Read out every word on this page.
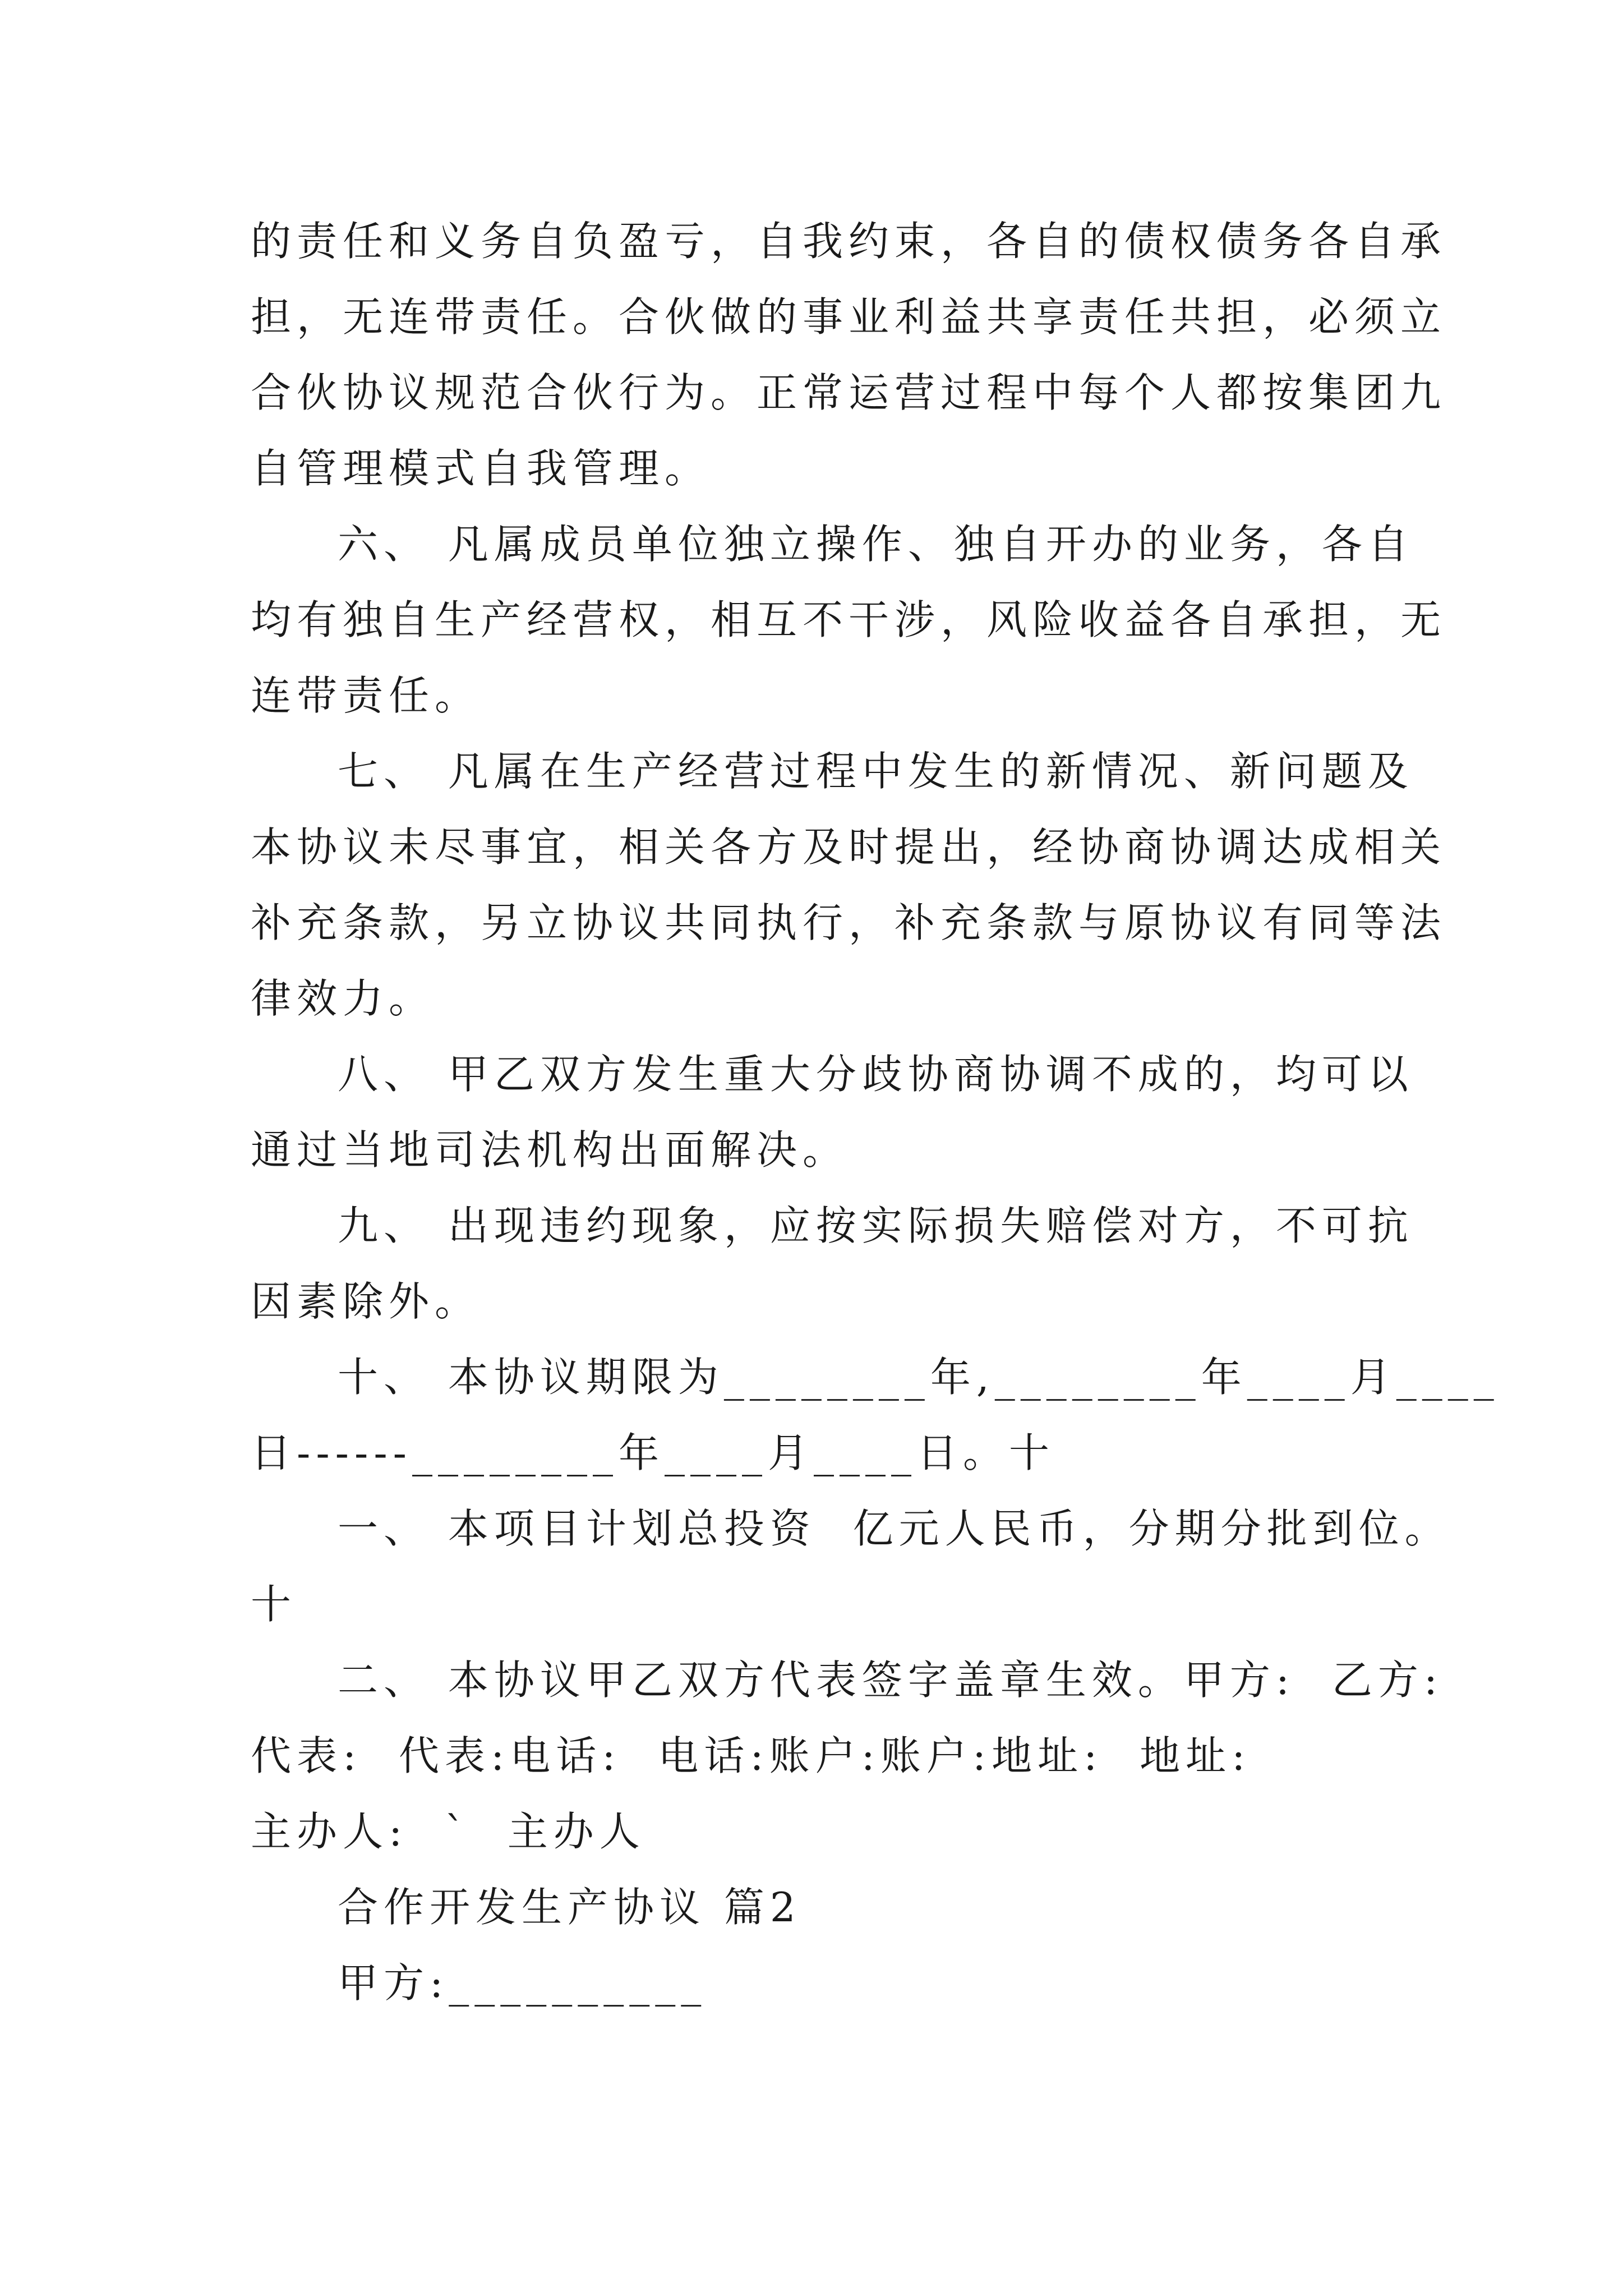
的责任和义务自负盈亏，自我约束，各自的债权债务各自承
担，无连带责任。合伙做的事业利益共享责任共担，必须立
合伙协议规范合伙行为。正常运营过程中每个人都按集团九
自管理模式自我管理。
六、 凡属成员单位独立操作、独自开办的业务，各自
均有独自生产经营权，相互不干涉，风险收益各自承担，无
连带责任。
七、 凡属在生产经营过程中发生的新情况、新问题及
本协议未尽事宜，相关各方及时提出，经协商协调达成相关
补充条款，另立协议共同执行，补充条款与原协议有同等法
律效力。
八、 甲乙双方发生重大分歧协商协调不成的，均可以
通过当地司法机构出面解决。
九、 出现违约现象，应按实际损失赔偿对方，不可抗
因素除外。
十、 本协议期限为________年,________年____月____
日------________年____月____日。十
一、 本项目计划总投资  亿元人民币，分期分批到位。
十
二、 本协议甲乙双方代表签字盖章生效。甲方:  乙方:
代表:  代表:电话:  电话:账户:账户:地址:  地址:
主办人:  `  主办人
合作开发生产协议 篇2
甲方:__________
